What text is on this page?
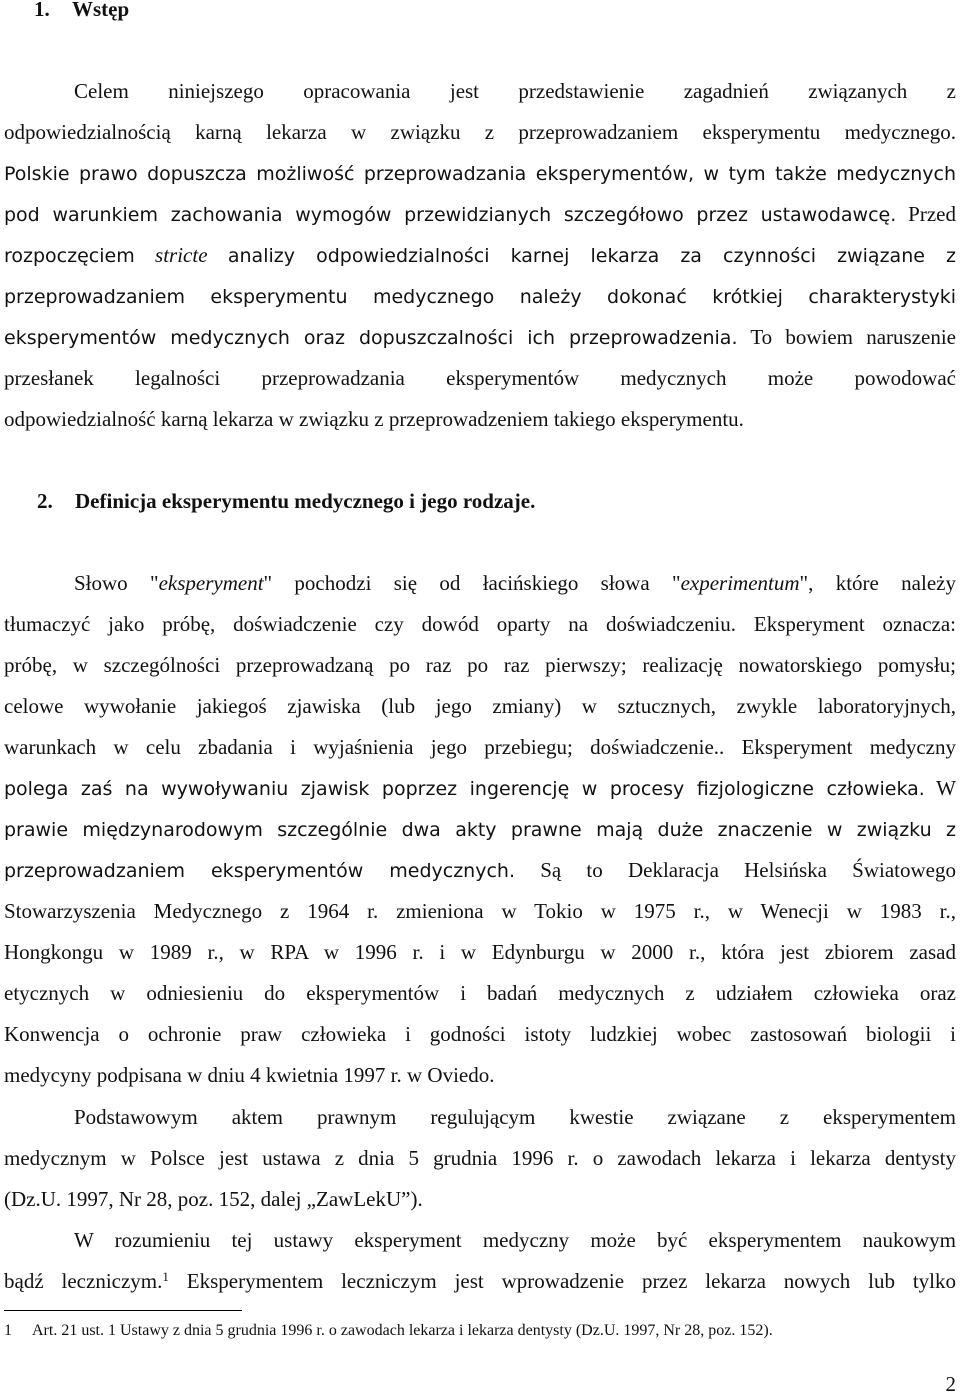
1. Wstęp
Celem niniejszego opracowania jest przedstawienie zagadnień związanych z
odpowiedzialnością karną lekarza w związku z przeprowadzaniem eksperymentu medycznego.
Polskie prawo dopuszcza możliwość przeprowadzania eksperymentów, w tym także medycznych
pod warunkiem zachowania wymogów przewidzianych szczegółowo przez ustawodawcę. Przed
rozpoczęciem stricte analizy odpowiedzialności karnej lekarza za czynności związane z
przeprowadzaniem eksperymentu medycznego należy dokonać krótkiej charakterystyki
eksperymentów medycznych oraz dopuszczalności ich przeprowadzenia. To bowiem naruszenie
przesłanek legalności przeprowadzania eksperymentów medycznych może powodować
odpowiedzialność karną lekarza w związku z przeprowadzeniem takiego eksperymentu.
2. Definicja eksperymentu medycznego i jego rodzaje.
Słowo "eksperyment" pochodzi się od łacińskiego słowa "experimentum", które należy
tłumaczyć jako próbę, doświadczenie czy dowód oparty na doświadczeniu. Eksperyment oznacza:
próbę, w szczególności przeprowadzaną po raz po raz pierwszy; realizację nowatorskiego pomysłu;
celowe wywołanie jakiegoś zjawiska (lub jego zmiany) w sztucznych, zwykle laboratoryjnych,
warunkach w celu zbadania i wyjaśnienia jego przebiegu; doświadczenie.. Eksperyment medyczny
polega zaś na wywoływaniu zjawisk poprzez ingerencję w procesy fizjologiczne człowieka. W
prawie międzynarodowym szczególnie dwa akty prawne mają duże znaczenie w związku z
przeprowadzaniem eksperymentów medycznych. Są to Deklaracja Helsińska Światowego
Stowarzyszenia Medycznego z 1964 r. zmieniona w Tokio w 1975 r., w Wenecji w 1983 r.,
Hongkongu w 1989 r., w RPA w 1996 r. i w Edynburgu w 2000 r., która jest zbiorem zasad
etycznych w odniesieniu do eksperymentów i badań medycznych z udziałem człowieka oraz
Konwencja o ochronie praw człowieka i godności istoty ludzkiej wobec zastosowań biologii i
medycyny podpisana w dniu 4 kwietnia 1997 r. w Oviedo.
Podstawowym aktem prawnym regulującym kwestie związane z eksperymentem
medycznym w Polsce jest ustawa z dnia 5 grudnia 1996 r. o zawodach lekarza i lekarza dentysty
(Dz.U. 1997, Nr 28, poz. 152, dalej „ZawLekU”).
W rozumieniu tej ustawy eksperyment medyczny może być eksperymentem naukowym
bądź leczniczym.$^1$ Eksperymentem leczniczym jest wprowadzenie przez lekarza nowych lub tylko
1 Art. 21 ust. 1 Ustawy z dnia 5 grudnia 1996 r. o zawodach lekarza i lekarza dentysty (Dz.U. 1997, Nr 28, poz. 152).
2
